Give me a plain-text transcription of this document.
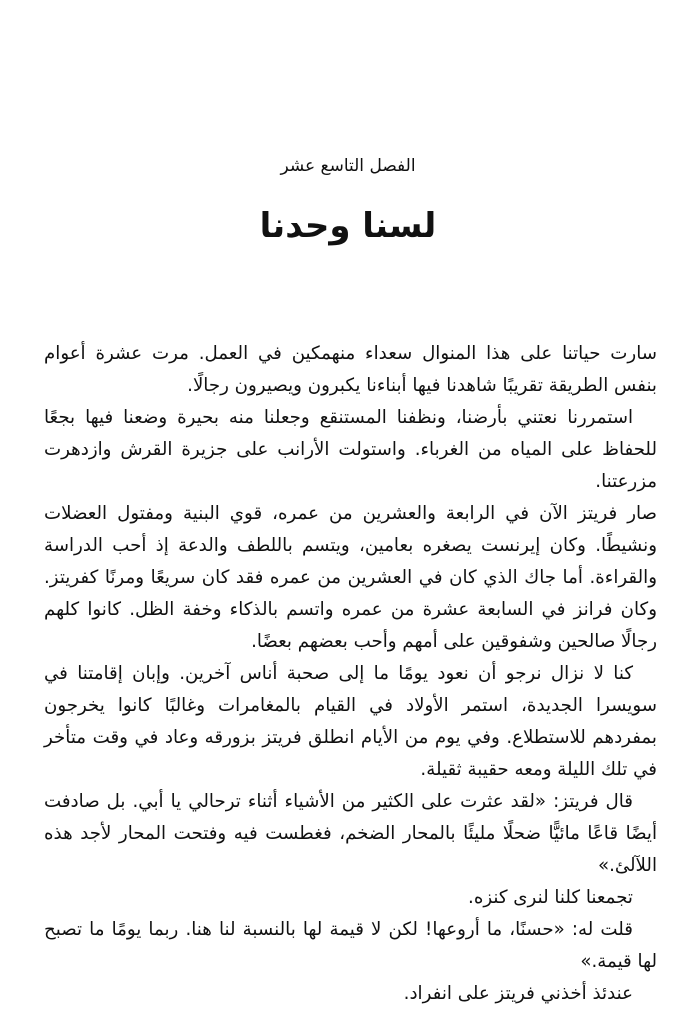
الفصل التاسع عشر
لسنا وحدنا

سارت حياتنا على هذا المنوال سعداء منهمكين في العمل. مرت عشرة أعوام بنفس الطريقة تقريبًا شاهدنا فيها أبناءنا يكبرون ويصيرون رجالًا.

استمررنا نعتني بأرضنا، ونظفنا المستنقع وجعلنا منه بحيرة وضعنا فيها بجعًا للحفاظ على المياه من الغرباء. واستولت الأرانب على جزيرة القرش وازدهرت مزرعتنا.

صار فريتز الآن في الرابعة والعشرين من عمره، قوي البنية ومفتول العضلات ونشيطًا. وكان إيرنست يصغره بعامين، ويتسم باللطف والدعة إذ أحب الدراسة والقراءة. أما جاك الذي كان في العشرين من عمره فقد كان سريعًا ومرنًا كفريتز. وكان فرانز في السابعة عشرة من عمره واتسم بالذكاء وخفة الظل. كانوا كلهم رجالًا صالحين وشفوقين على أمهم وأحب بعضهم بعضًا.

كنا لا نزال نرجو أن نعود يومًا ما إلى صحبة أناس آخرين. وإبان إقامتنا في سويسرا الجديدة، استمر الأولاد في القيام بالمغامرات وغالبًا كانوا يخرجون بمفردهم للاستطلاع. وفي يوم من الأيام انطلق فريتز بزورقه وعاد في وقت متأخر في تلك الليلة ومعه حقيبة ثقيلة.

قال فريتز: «لقد عثرت على الكثير من الأشياء أثناء ترحالي يا أبي. بل صادفت أيضًا قاعًا مائيًّا ضحلًا مليئًا بالمحار الضخم، فغطست فيه وفتحت المحار لأجد هذه اللآلئ.»

تجمعنا كلنا لنرى كنزه.

قلت له: «حسنًا، ما أروعها! لكن لا قيمة لها بالنسبة لنا هنا. ربما يومًا ما تصبح لها قيمة.»

عندئذ أخذني فريتز على انفراد.
